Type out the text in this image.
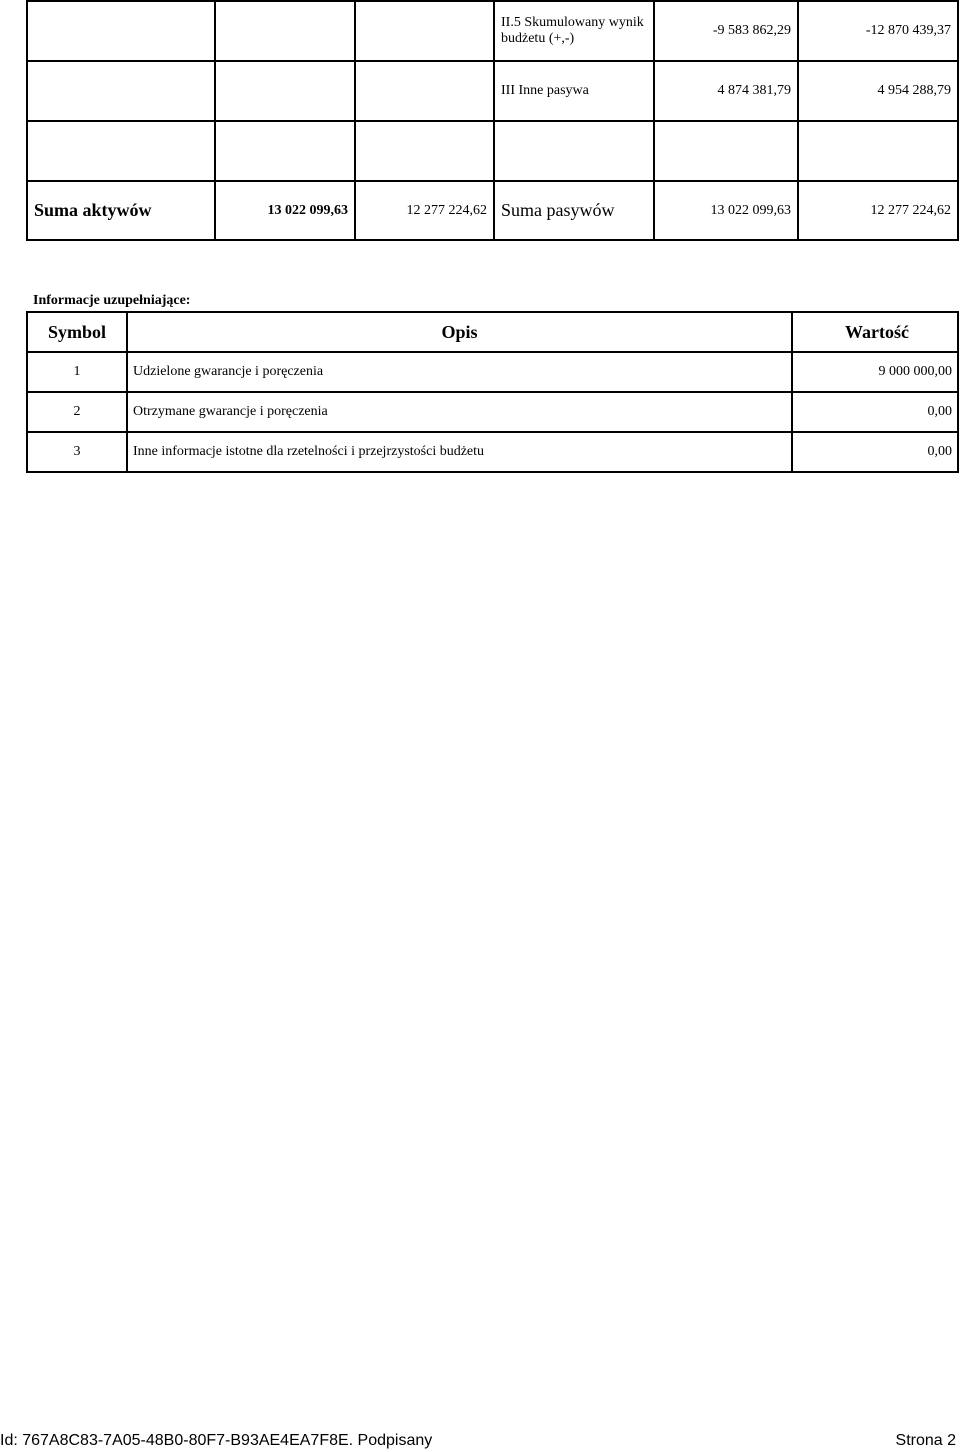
			II.5 Skumulowany wynik budżetu (+,-)	-9 583 862,29	-12 870 439,37
			III Inne pasywa	4 874 381,79	4 954 288,79

Suma aktywów	13 022 099,63	12 277 224,62	Suma pasywów	13 022 099,63	12 277 224,62
Informacje uzupełniające:
Symbol	Opis	Wartość
1	Udzielone gwarancje i poręczenia	9 000 000,00
2	Otrzymane gwarancje i poręczenia	0,00
3	Inne informacje istotne dla rzetelności i przejrzystości budżetu	0,00
Id: 767A8C83-7A05-48B0-80F7-B93AE4EA7F8E. Podpisany	Strona 2
